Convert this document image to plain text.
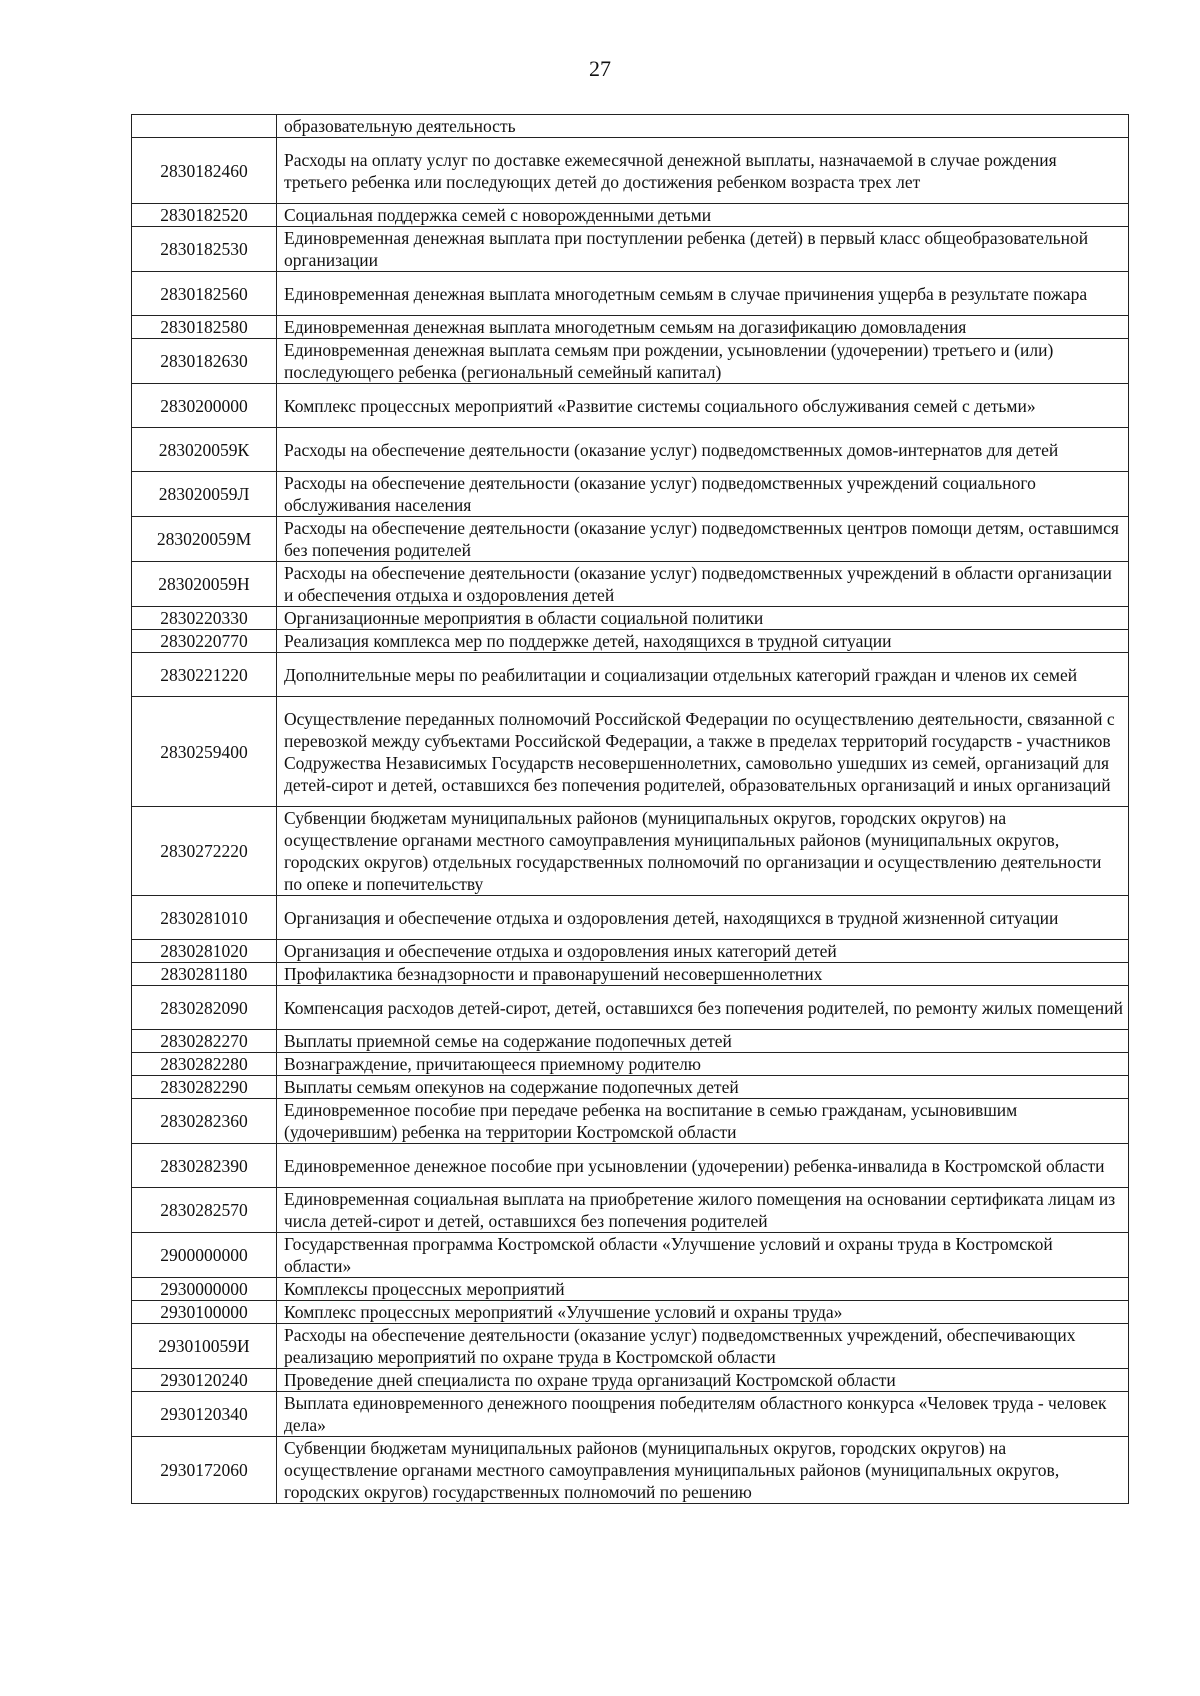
27
	образовательную деятельность
2830182460	Расходы на оплату услуг по доставке ежемесячной денежной выплаты, назначаемой в случае рождения третьего ребенка или последующих детей до достижения ребенком возраста трех лет
2830182520	Социальная поддержка семей с новорожденными детьми
2830182530	Единовременная денежная выплата при поступлении ребенка (детей) в первый класс общеобразовательной организации
2830182560	Единовременная денежная выплата многодетным семьям в случае причинения ущерба в результате пожара
2830182580	Единовременная денежная выплата многодетным семьям на догазификацию домовладения
2830182630	Единовременная денежная выплата семьям при рождении, усыновлении (удочерении) третьего и (или) последующего ребенка (региональный семейный капитал)
2830200000	Комплекс процессных мероприятий «Развитие системы социального обслуживания семей с детьми»
283020059К	Расходы на обеспечение деятельности (оказание услуг) подведомственных домов-интернатов для детей
283020059Л	Расходы на обеспечение деятельности (оказание услуг) подведомственных учреждений социального обслуживания населения
283020059М	Расходы на обеспечение деятельности (оказание услуг) подведомственных центров помощи детям, оставшимся без попечения родителей
283020059Н	Расходы на обеспечение деятельности (оказание услуг) подведомственных учреждений в области организации и обеспечения отдыха и оздоровления детей
2830220330	Организационные мероприятия в области социальной политики
2830220770	Реализация комплекса мер по поддержке детей, находящихся в трудной ситуации
2830221220	Дополнительные меры по реабилитации и социализации отдельных категорий граждан и членов их семей
2830259400	Осуществление переданных полномочий Российской Федерации по осуществлению деятельности, связанной с перевозкой между субъектами Российской Федерации, а также в пределах территорий государств - участников Содружества Независимых Государств несовершеннолетних, самовольно ушедших из семей, организаций для детей-сирот и детей, оставшихся без попечения родителей, образовательных организаций и иных организаций
2830272220	Субвенции бюджетам муниципальных районов (муниципальных округов, городских округов) на осуществление органами местного самоуправления муниципальных районов (муниципальных округов, городских округов) отдельных государственных полномочий по организации и осуществлению деятельности по опеке и попечительству
2830281010	Организация и обеспечение отдыха и оздоровления детей, находящихся в трудной жизненной ситуации
2830281020	Организация и обеспечение отдыха и оздоровления иных категорий детей
2830281180	Профилактика безнадзорности и правонарушений несовершеннолетних
2830282090	Компенсация расходов детей-сирот, детей, оставшихся без попечения родителей, по ремонту жилых помещений
2830282270	Выплаты приемной семье на содержание подопечных детей
2830282280	Вознаграждение, причитающееся приемному родителю
2830282290	Выплаты семьям опекунов на содержание подопечных детей
2830282360	Единовременное пособие при передаче ребенка на воспитание в семью гражданам, усыновившим (удочерившим) ребенка на территории Костромской области
2830282390	Единовременное денежное пособие при усыновлении (удочерении) ребенка-инвалида в Костромской области
2830282570	Единовременная социальная выплата на приобретение жилого помещения на основании сертификата лицам из числа детей-сирот и детей, оставшихся без попечения родителей
2900000000	Государственная программа Костромской области «Улучшение условий и охраны труда в Костромской области»
2930000000	Комплексы процессных мероприятий
2930100000	Комплекс процессных мероприятий «Улучшение условий и охраны труда»
293010059И	Расходы на обеспечение деятельности (оказание услуг) подведомственных учреждений, обеспечивающих реализацию мероприятий по охране труда в Костромской области
2930120240	Проведение дней специалиста по охране труда организаций Костромской области
2930120340	Выплата единовременного денежного поощрения победителям областного конкурса «Человек труда - человек дела»
2930172060	Субвенции бюджетам муниципальных районов (муниципальных округов, городских округов) на осуществление органами местного самоуправления муниципальных районов (муниципальных округов, городских округов) государственных полномочий по решению
